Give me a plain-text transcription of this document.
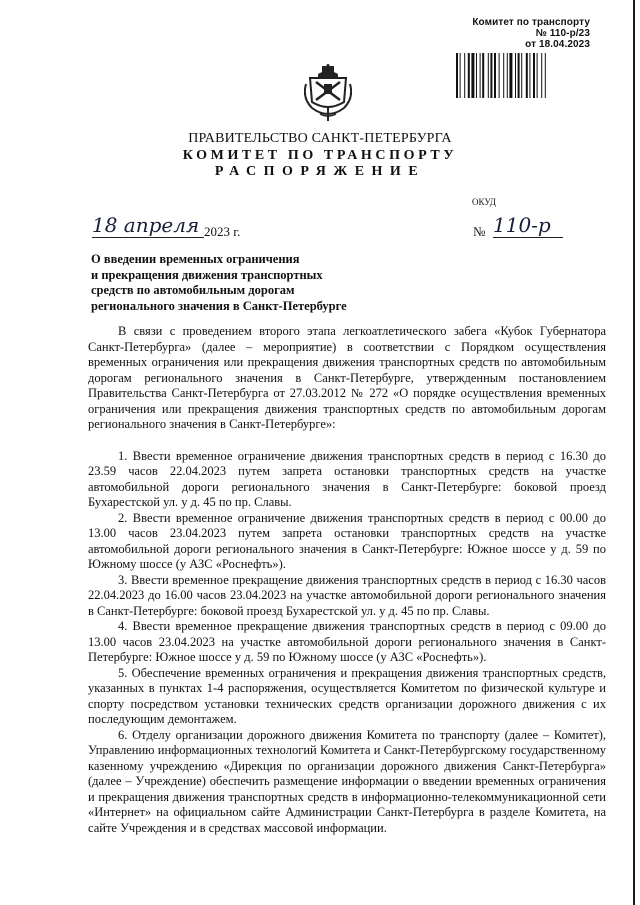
Комитет по транспорту
№ 110-р/23
от 18.04.2023
ПРАВИТЕЛЬСТВО САНКТ-ПЕТЕРБУРГА
КОМИТЕТ ПО ТРАНСПОРТУ
РАСПОРЯЖЕНИЕ
ОКУД
18 апреля 2023 г.	№ 110-р
О введении временных ограничения
и прекращения движения транспортных
средств по автомобильным дорогам
регионального значения в Санкт-Петербурге

В связи с проведением второго этапа легкоатлетического забега «Кубок Губернатора Санкт-Петербурга» (далее – мероприятие) в соответствии с Порядком осуществления временных ограничения или прекращения движения транспортных средств по автомобильным дорогам регионального значения в Санкт-Петербурге, утвержденным постановлением Правительства Санкт-Петербурга от 27.03.2012 № 272 «О порядке осуществления временных ограничения или прекращения движения транспортных средств по автомобильным дорогам регионального значения в Санкт-Петербурге»:

1. Ввести временное ограничение движения транспортных средств в период с 16.30 до 23.59 часов 22.04.2023 путем запрета остановки транспортных средств на участке автомобильной дороги регионального значения в Санкт-Петербурге: боковой проезд Бухарестской ул. у д. 45 по пр. Славы.

2. Ввести временное ограничение движения транспортных средств в период с 00.00 до 13.00 часов 23.04.2023 путем запрета остановки транспортных средств на участке автомобильной дороги регионального значения в Санкт-Петербурге: Южное шоссе у д. 59 по Южному шоссе (у АЗС «Роснефть»).

3. Ввести временное прекращение движения транспортных средств в период с 16.30 часов 22.04.2023 до 16.00 часов 23.04.2023 на участке автомобильной дороги регионального значения в Санкт-Петербурге: боковой проезд Бухарестской ул. у д. 45 по пр. Славы.

4. Ввести временное прекращение движения транспортных средств в период с 09.00 до 13.00 часов 23.04.2023 на участке автомобильной дороги регионального значения в Санкт-Петербурге: Южное шоссе у д. 59 по Южному шоссе (у АЗС «Роснефть»).

5. Обеспечение временных ограничения и прекращения движения транспортных средств, указанных в пунктах 1-4 распоряжения, осуществляется Комитетом по физической культуре и спорту посредством установки технических средств организации дорожного движения с их последующим демонтажем.

6. Отделу организации дорожного движения Комитета по транспорту (далее – Комитет), Управлению информационных технологий Комитета и Санкт-Петербургскому государственному казенному учреждению «Дирекция по организации дорожного движения Санкт-Петербурга» (далее – Учреждение) обеспечить размещение информации о введении временных ограничения и прекращения движения транспортных средств в информационно-телекоммуникационной сети «Интернет» на официальном сайте Администрации Санкт-Петербурга в разделе Комитета, на сайте Учреждения и в средствах массовой информации.
